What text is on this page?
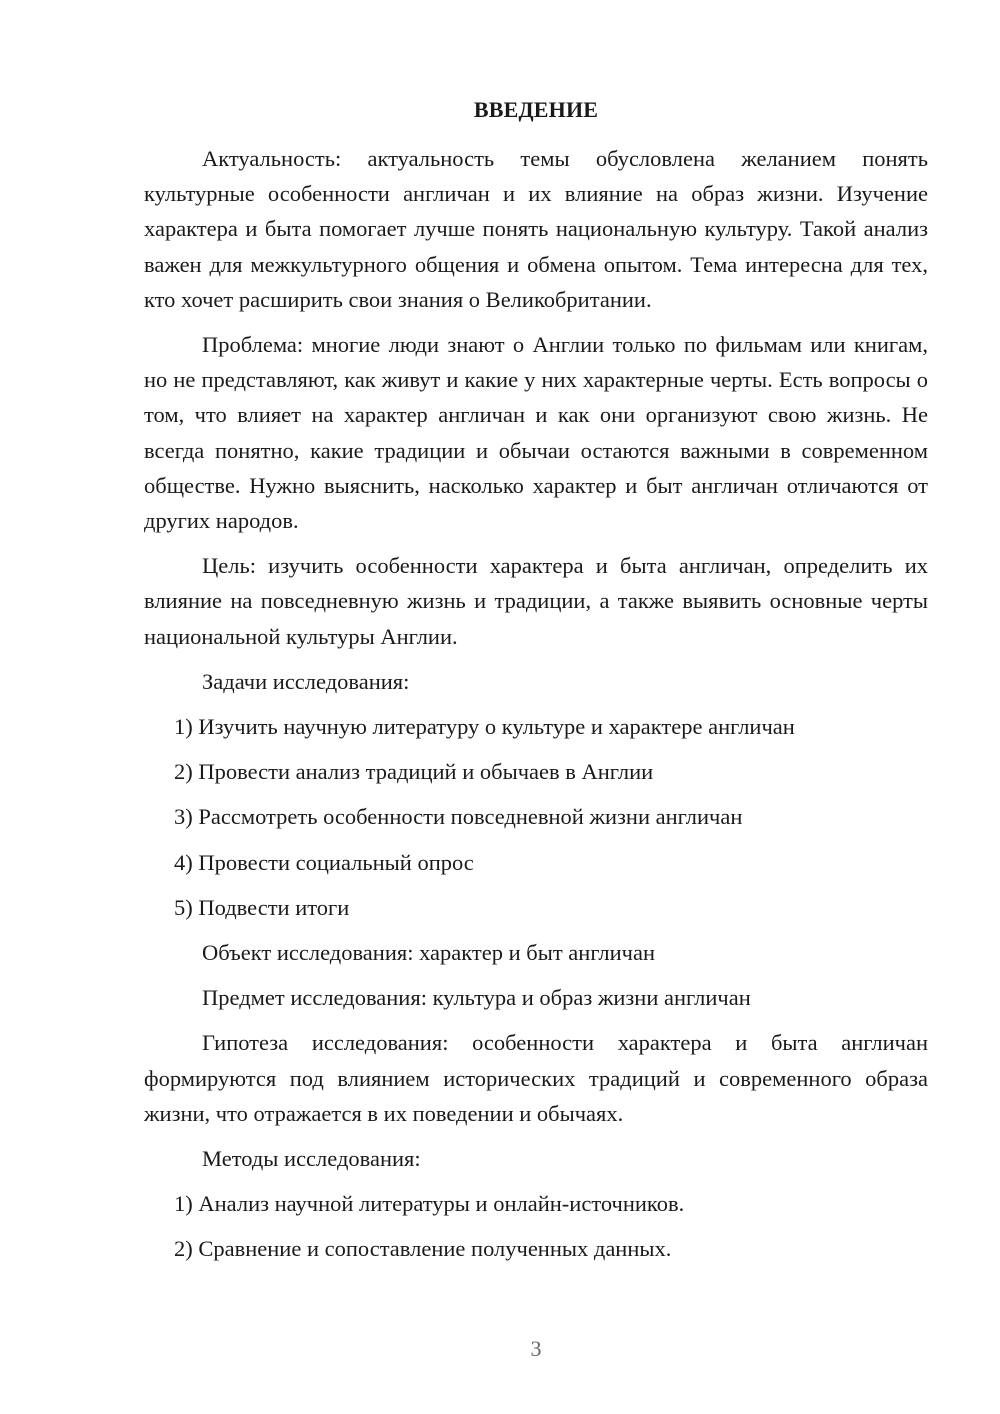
ВВЕДЕНИЕ

Актуальность: актуальность темы обусловлена желанием понять культурные особенности англичан и их влияние на образ жизни. Изучение характера и быта помогает лучше понять национальную культуру. Такой анализ важен для межкультурного общения и обмена опытом. Тема интересна для тех, кто хочет расширить свои знания о Великобритании.

Проблема: многие люди знают о Англии только по фильмам или книгам, но не представляют, как живут и какие у них характерные черты. Есть вопросы о том, что влияет на характер англичан и как они организуют свою жизнь. Не всегда понятно, какие традиции и обычаи остаются важными в современном обществе. Нужно выяснить, насколько характер и быт англичан отличаются от других народов.

Цель: изучить особенности характера и быта англичан, определить их влияние на повседневную жизнь и традиции, а также выявить основные черты национальной культуры Англии.

Задачи исследования:

1) Изучить научную литературу о культуре и характере англичан

2) Провести анализ традиций и обычаев в Англии

3) Рассмотреть особенности повседневной жизни англичан

4) Провести социальный опрос

5) Подвести итоги

Объект исследования: характер и быт англичан

Предмет исследования: культура и образ жизни англичан

Гипотеза исследования: особенности характера и быта англичан формируются под влиянием исторических традиций и современного образа жизни, что отражается в их поведении и обычаях.

Методы исследования:

1) Анализ научной литературы и онлайн-источников.

2) Сравнение и сопоставление полученных данных.

3
